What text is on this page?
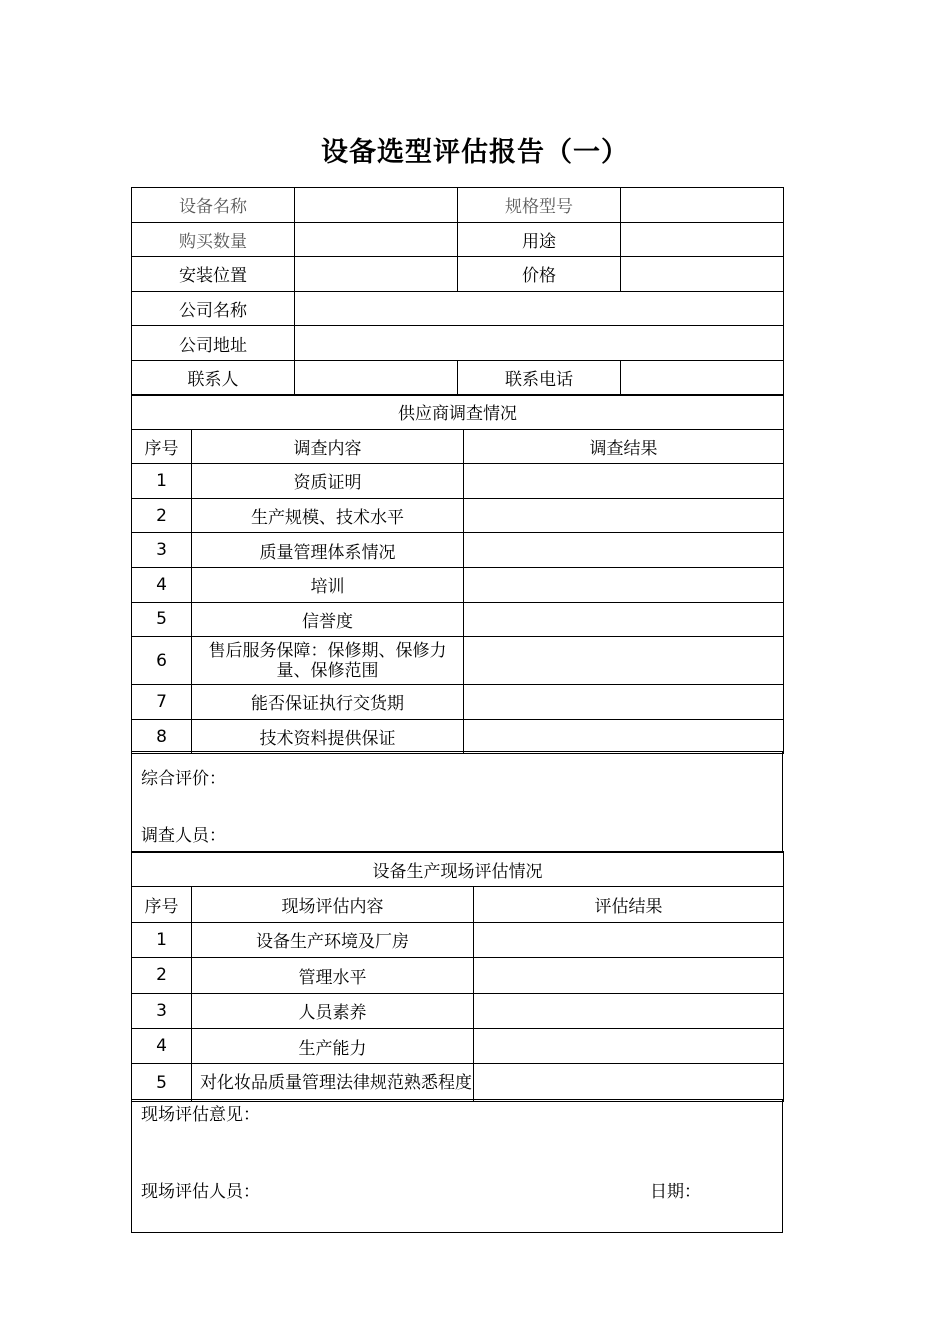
设备选型评估报告（一）
设备名称		规格型号	
购买数量		用途	
安装位置		价格	
公司名称			
公司地址			
联系人		联系电话	
供应商调查情况		
序号	调查内容	调查结果
1	资质证明	
2	生产规模、技术水平	
3	质量管理体系情况	
4	培训	
5	信誉度	
6	售后服务保障：保修期、保修力量、保修范围	
7	能否保证执行交货期	
8	技术资料提供保证	
综合评价：
调查人员：
设备生产现场评估情况		
序号	现场评估内容	评估结果
1	设备生产环境及厂房	
2	管理水平	
3	人员素养	
4	生产能力	
5	对化妆品质量管理法律规范熟悉程度	
现场评估意见：
现场评估人员：	日期：
